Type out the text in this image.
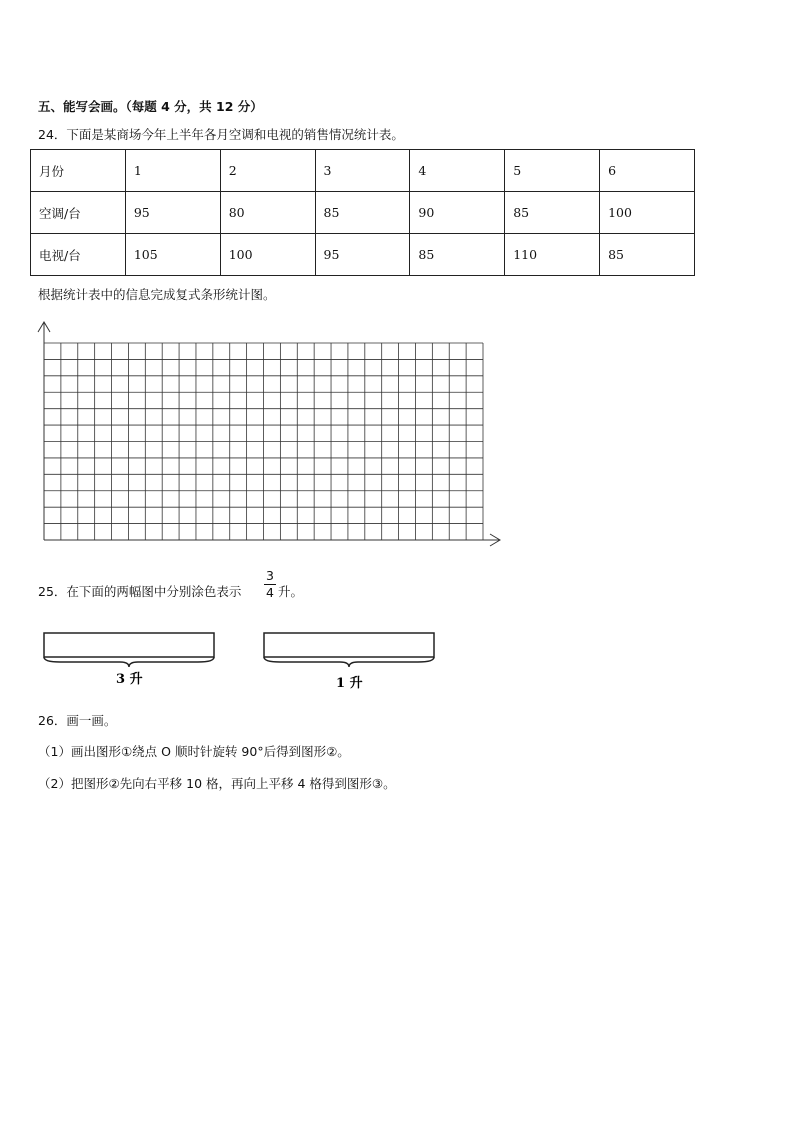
五、能写会画。（每题 4 分，共 12 分）
24．下面是某商场今年上半年各月空调和电视的销售情况统计表。
月份	1	2	3	4	5	6
空调/台	95	80	85	90	85	100
电视/台	105	100	95	85	110	85
根据统计表中的信息完成复式条形统计图。
3 升	1 升
25．在下面的两幅图中分别涂色表示
3
4 升。
26．画一画。
（1）画出图形①绕点 O 顺时针旋转 90°后得到图形②。
（2）把图形②先向右平移 10 格，再向上平移 4 格得到图形③。
